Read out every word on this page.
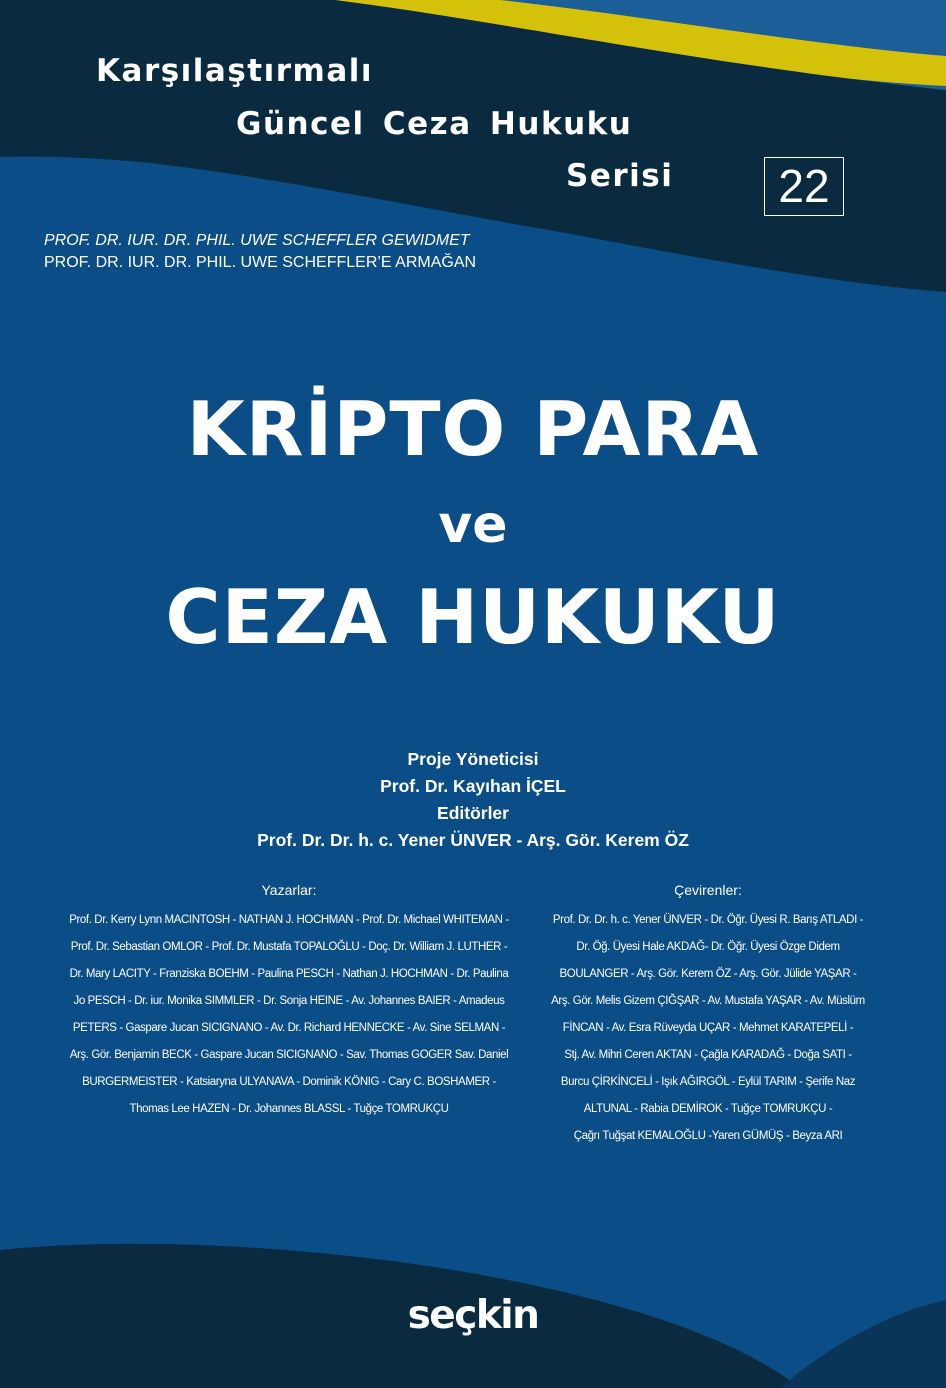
Karşılaştırmalı
Güncel Ceza Hukuku
Serisi	22
PROF. DR. IUR. DR. PHIL. UWE SCHEFFLER GEWIDMET
PROF. DR. IUR. DR. PHIL. UWE SCHEFFLER’E ARMAĞAN
KRİPTO PARA
ve
CEZA HUKUKU
Proje Yöneticisi
Prof. Dr. Kayıhan İÇEL
Editörler
Prof. Dr. Dr. h. c. Yener ÜNVER - Arş. Gör. Kerem ÖZ
Yazarlar:
Prof. Dr. Kerry Lynn MACINTOSH - NATHAN J. HOCHMAN - Prof. Dr. Michael WHITEMAN -
Prof. Dr. Sebastian OMLOR - Prof. Dr. Mustafa TOPALOĞLU - Doç. Dr. William J. LUTHER -
Dr. Mary LACITY - Franziska BOEHM - Paulina PESCH - Nathan J. HOCHMAN - Dr. Paulina
Jo PESCH - Dr. iur. Monika SIMMLER - Dr. Sonja HEINE - Av. Johannes BAIER - Amadeus
PETERS - Gaspare Jucan SICIGNANO - Av. Dr. Richard HENNECKE - Av. Sine SELMAN -
Arş. Gör. Benjamin BECK - Gaspare Jucan SICIGNANO - Sav. Thomas GOGER Sav. Daniel
BURGERMEISTER - Katsiaryna ULYANAVA - Dominik KÖNIG - Cary C. BOSHAMER -
Thomas Lee HAZEN - Dr. Johannes BLASSL - Tuğçe TOMRUKÇU
Çevirenler:
Prof. Dr. Dr. h. c. Yener ÜNVER - Dr. Öğr. Üyesi R. Barış ATLADI -
Dr. Öğ. Üyesi Hale AKDAĞ- Dr. Öğr. Üyesi Özge Didem
BOULANGER - Arş. Gör. Kerem ÖZ - Arş. Gör. Jülide YAŞAR -
Arş. Gör. Melis Gizem ÇIĞŞAR - Av. Mustafa YAŞAR - Av. Müslüm
FİNCAN - Av. Esra Rüveyda UÇAR - Mehmet KARATEPELİ -
Stj. Av. Mihri Ceren AKTAN - Çağla KARADAĞ - Doğa SATI -
Burcu ÇİRKİNCELİ - Işık AĞIRGÖL - Eylül TARIM - Şerife Naz
ALTUNAL - Rabia DEMİROK - Tuğçe TOMRUKÇU -
Çağrı Tuğşat KEMALOĞLU -Yaren GÜMÜŞ - Beyza ARI
seçkin
